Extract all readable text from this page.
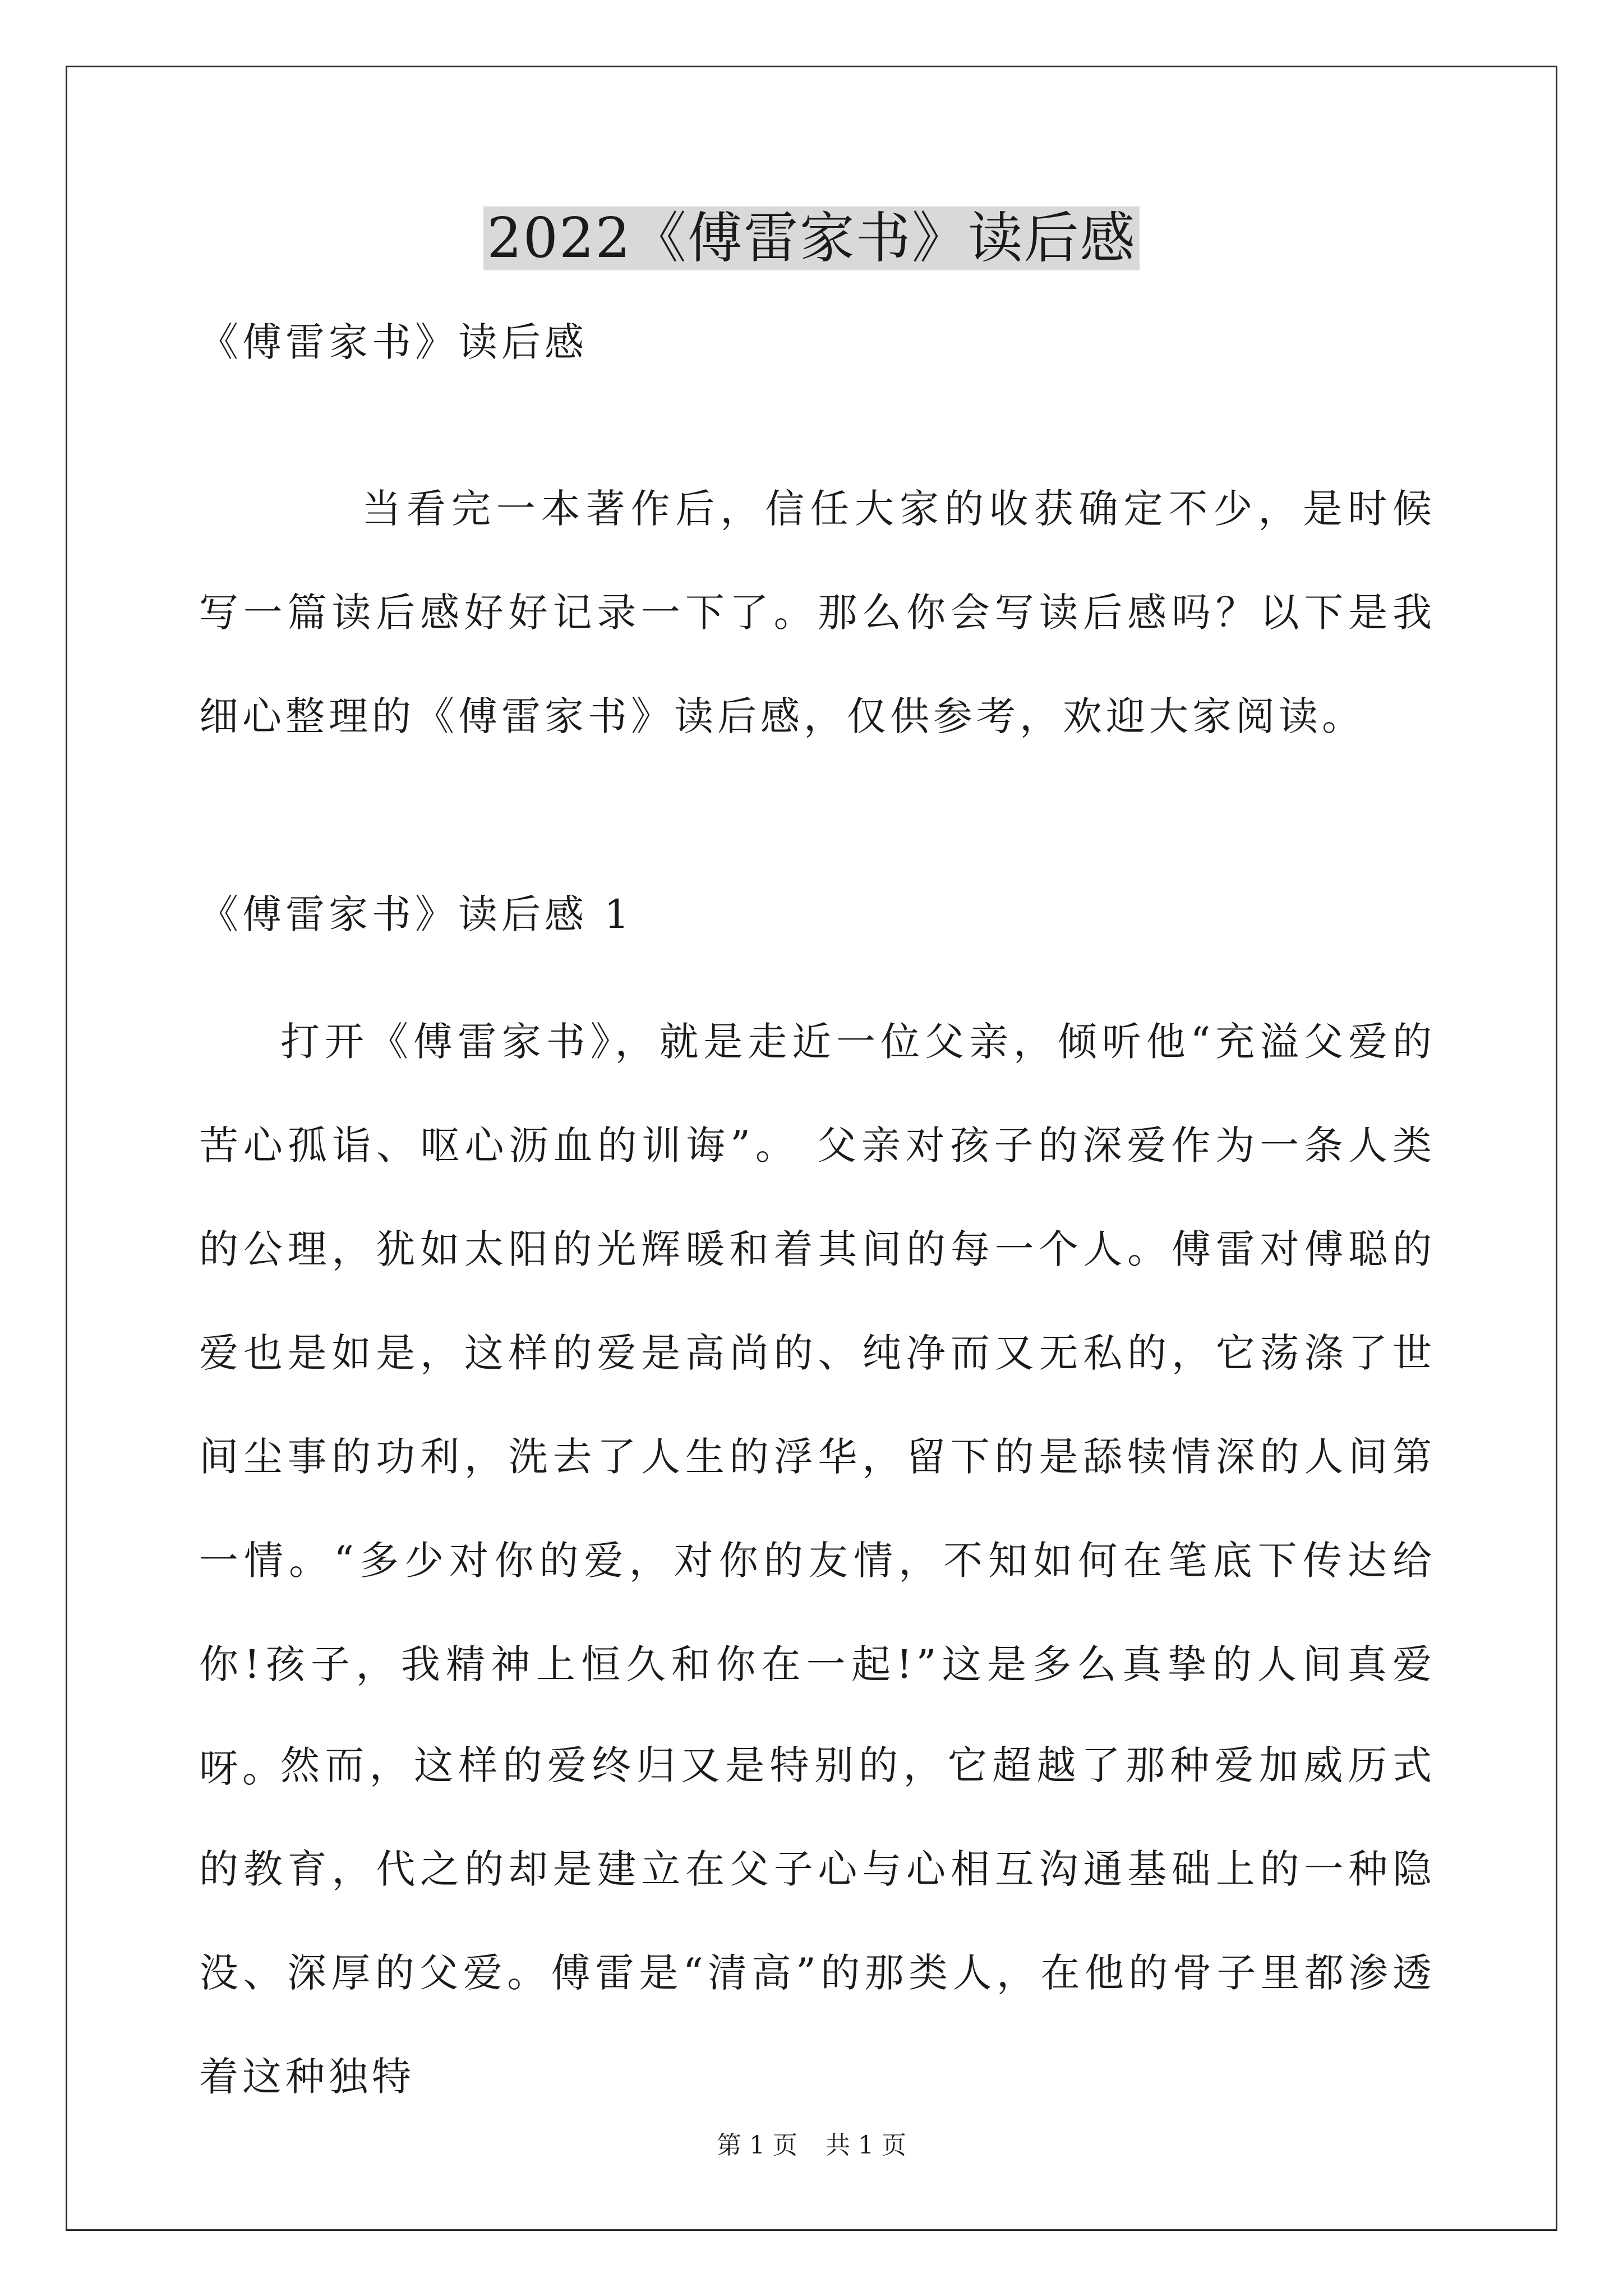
2022《傅雷家书》读后感

《傅雷家书》读后感

当看完一本著作后，信任大家的收获确定不少，是时候写一篇读后感好好记录一下了。那么你会写读后感吗？以下是我细心整理的《傅雷家书》读后感，仅供参考，欢迎大家阅读。

《傅雷家书》读后感 1

打开《傅雷家书》，就是走近一位父亲，倾听他“充溢父爱的苦心孤诣、呕心沥血的训诲”。 父亲对孩子的深爱作为一条人类的公理，犹如太阳的光辉暖和着其间的每一个人。傅雷对傅聪的爱也是如是，这样的爱是高尚的、纯净而又无私的，它荡涤了世间尘事的功利，洗去了人生的浮华，留下的是舔犊情深的人间第一情。“多少对你的爱，对你的友情，不知如何在笔底下传达给你!孩子，我精神上恒久和你在一起!”这是多么真挚的人间真爱呀。

然而，这样的爱终归又是特别的，它超越了那种爱加威历式的教育，代之的却是建立在父子心与心相互沟通基础上的一种隐没、深厚的父爱。傅雷是“清高”的那类人，在他的骨子里都渗透着这种独特

第 1 页 共 1 页
